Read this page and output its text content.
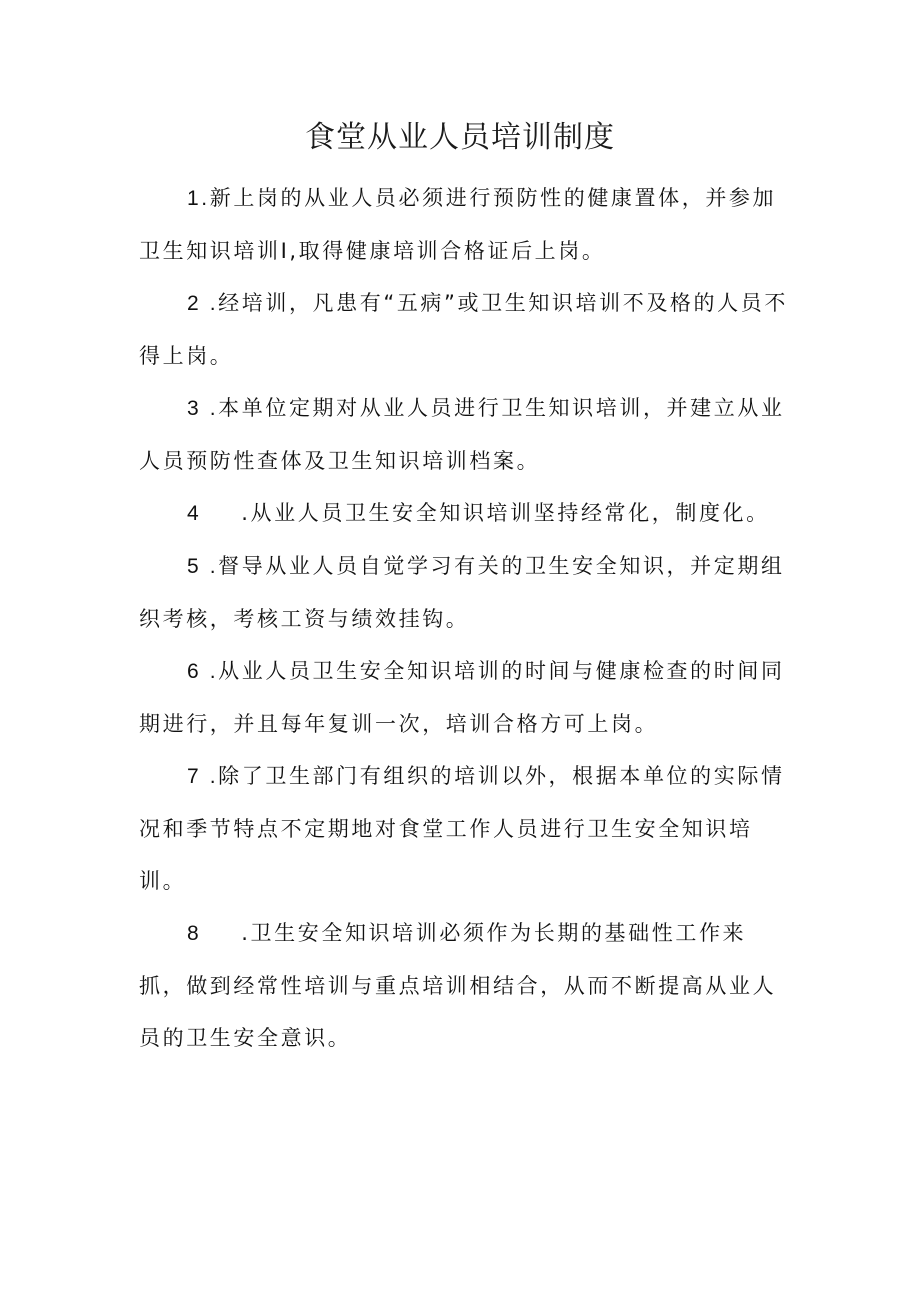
食堂从业人员培训制度

1.新上岗的从业人员必须进行预防性的健康置体，并参加卫生知识培训I,取得健康培训合格证后上岗。

2 .经培训，凡患有“五病”或卫生知识培训不及格的人员不得上岗。

3 .本单位定期对从业人员进行卫生知识培训，并建立从业人员预防性查体及卫生知识培训档案。

4 .从业人员卫生安全知识培训坚持经常化，制度化。

5 .督导从业人员自觉学习有关的卫生安全知识，并定期组织考核，考核工资与绩效挂钩。

6 .从业人员卫生安全知识培训的时间与健康检查的时间同期进行，并且每年复训一次，培训合格方可上岗。

7 .除了卫生部门有组织的培训以外，根据本单位的实际情况和季节特点不定期地对食堂工作人员进行卫生安全知识培训。

8 .卫生安全知识培训必须作为长期的基础性工作来抓，做到经常性培训与重点培训相结合，从而不断提高从业人员的卫生安全意识。
